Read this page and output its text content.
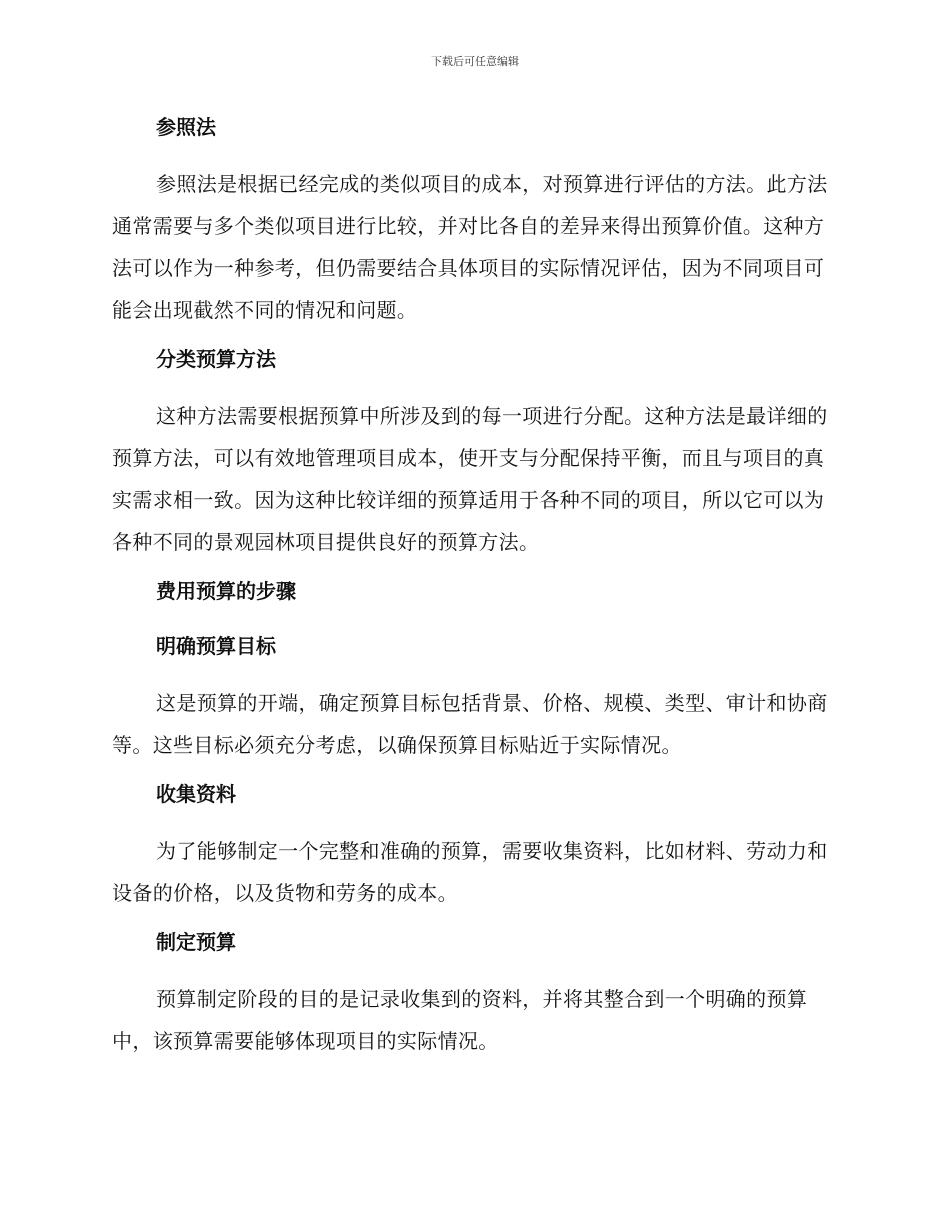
下载后可任意编辑
参照法

参照法是根据已经完成的类似项目的成本，对预算进行评估的方法。此方法通常需要与多个类似项目进行比较，并对比各自的差异来得出预算价值。这种方法可以作为一种参考，但仍需要结合具体项目的实际情况评估，因为不同项目可能会出现截然不同的情况和问题。

分类预算方法

这种方法需要根据预算中所涉及到的每一项进行分配。这种方法是最详细的预算方法，可以有效地管理项目成本，使开支与分配保持平衡，而且与项目的真实需求相一致。因为这种比较详细的预算适用于各种不同的项目，所以它可以为各种不同的景观园林项目提供良好的预算方法。

费用预算的步骤
明确预算目标

这是预算的开端，确定预算目标包括背景、价格、规模、类型、审计和协商等。这些目标必须充分考虑，以确保预算目标贴近于实际情况。

收集资料

为了能够制定一个完整和准确的预算，需要收集资料，比如材料、劳动力和设备的价格，以及货物和劳务的成本。

制定预算

预算制定阶段的目的是记录收集到的资料，并将其整合到一个明确的预算中，该预算需要能够体现项目的实际情况。
